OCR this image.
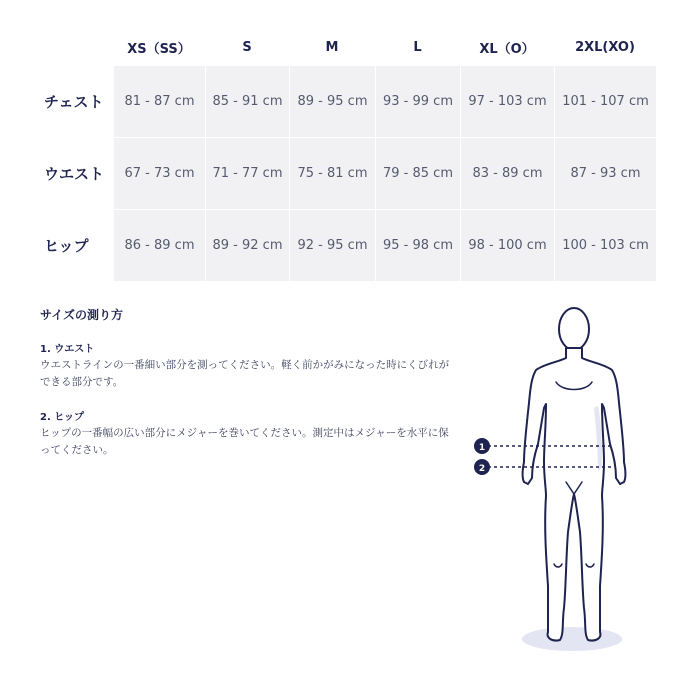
	XS（SS）	S	M	L	XL（O）	2XL(XO)
チェスト	81 - 87 cm	85 - 91 cm	89 - 95 cm	93 - 99 cm	97 - 103 cm	101 - 107 cm
ウエスト	67 - 73 cm	71 - 77 cm	75 - 81 cm	79 - 85 cm	83 - 89 cm	87 - 93 cm
ヒップ	86 - 89 cm	89 - 92 cm	92 - 95 cm	95 - 98 cm	98 - 100 cm	100 - 103 cm

サイズの測り方

1. ウエスト

ウエストラインの一番細い部分を測ってください。軽く前かがみになった時にくびれができる部分です。

2. ヒップ

ヒップの一番幅の広い部分にメジャーを巻いてください。測定中はメジャーを水平に保ってください。	1
2
